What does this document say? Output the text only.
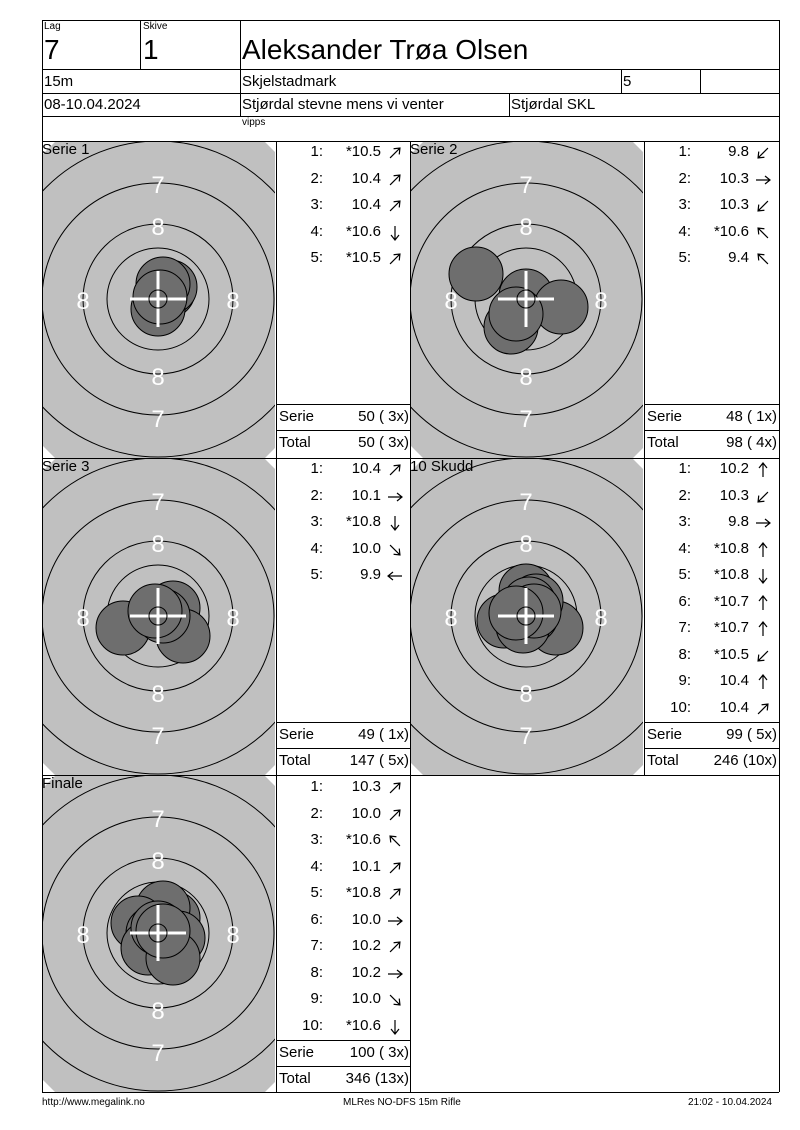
Lag
7
Skive
1	Aleksander Trøa Olsen
15m	Skjelstadmark	5
08-10.04.2024	Stjørdal stevne mens vi venter	Stjørdal SKL
vipps
7
8
8	8
8
7
Serie 1	1:	*10.5
2:	10.4
3:	10.4
4:	*10.6
5:	*10.5
Serie	50 ( 3x)
Total	50 ( 3x)
7
8
8	8
8
7
Serie 2	1:	9.8
2:	10.3
3:	10.3
4:	*10.6
5:	9.4
Serie	48 ( 1x)
Total	98 ( 4x)
7
8
8	8
8
7
Serie 3	1:	10.4
2:	10.1
3:	*10.8
4:	10.0
5:	9.9
Serie	49 ( 1x)
Total	147 ( 5x)
7
8
8	8
8
7
10 Skudd	1:	10.2
2:	10.3
3:	9.8
4:	*10.8
5:	*10.8
6:	*10.7
7:	*10.7
8:	*10.5
9:	10.4
10:	10.4
Serie	99 ( 5x)
Total	246 (10x)
7
8
8	8
8
7
Finale	1:	10.3
2:	10.0
3:	*10.6
4:	10.1
5:	*10.8
6:	10.0
7:	10.2
8:	10.2
9:	10.0
10:	*10.6
Serie	100 ( 3x)
Total	346 (13x)
http://www.megalink.no	MLRes NO-DFS 15m Rifle	21:02 - 10.04.2024
